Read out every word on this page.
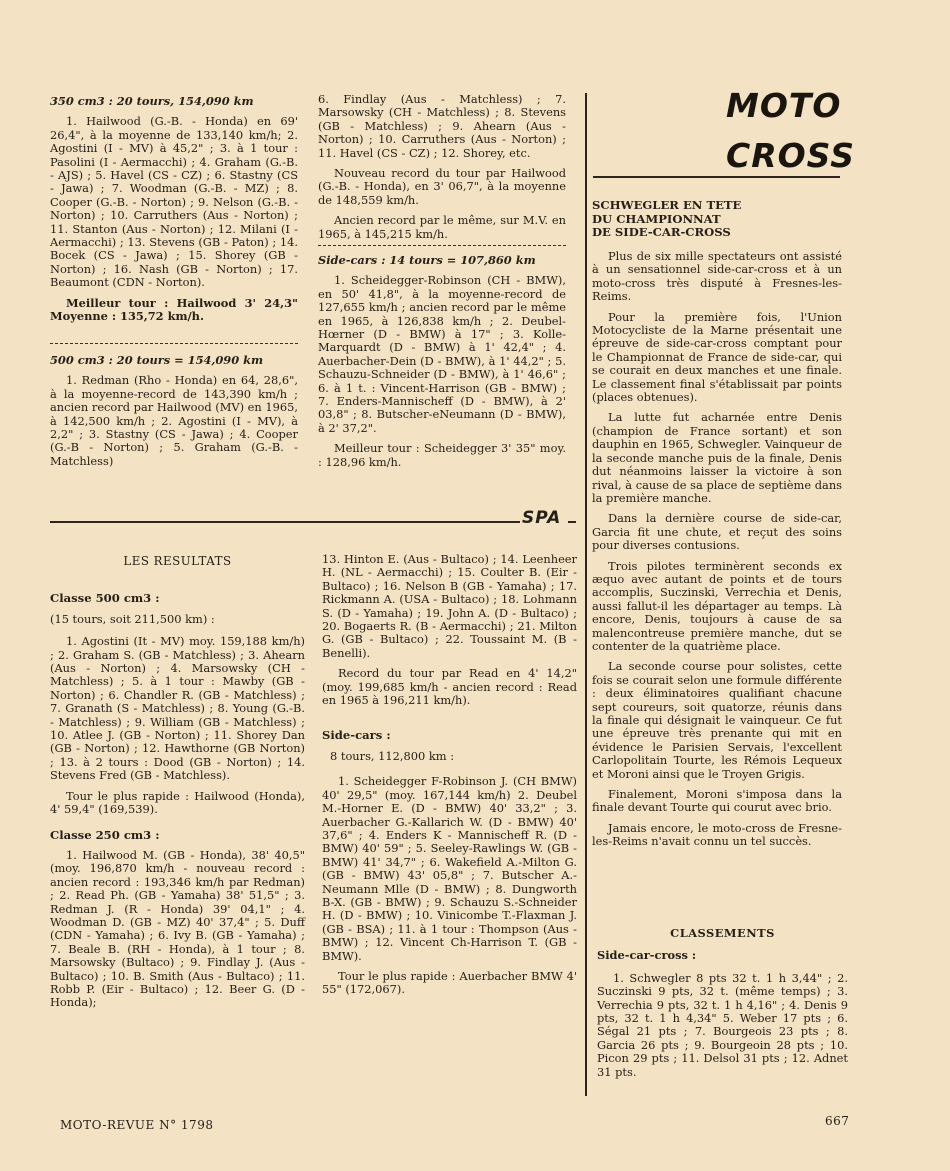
350 cm3 : 20 tours, 154,090 km

1. Hailwood (G.-B. - Honda) en 69' 26,4", à la moyenne de 133,140 km/h; 2. Agostini (I - MV) à 45,2" ; 3. à 1 tour : Pasolini (I - Aermacchi) ; 4. Graham (G.-B. - AJS) ; 5. Havel (CS - CZ) ; 6. Stastny (CS - Jawa) ; 7. Woodman (G.-B. - MZ) ; 8. Cooper (G.-B. - Norton) ; 9. Nelson (G.-B. - Norton) ; 10. Carruthers (Aus - Norton) ; 11. Stanton (Aus - Norton) ; 12. Milani (I - Aermacchi) ; 13. Stevens (GB - Paton) ; 14. Bocek (CS - Jawa) ; 15. Shorey (GB - Norton) ; 16. Nash (GB - Norton) ; 17. Beaumont (CDN - Norton).

Meilleur tour : Hailwood 3' 24,3" Moyenne : 135,72 km/h.

500 cm3 : 20 tours = 154,090 km

1. Redman (Rho - Honda) en 64, 28,6", à la moyenne-record de 143,390 km/h ; ancien record par Hailwood (MV) en 1965, à 142,500 km/h ; 2. Agostini (I - MV), à 2,2" ; 3. Stastny (CS - Jawa) ; 4. Cooper (G.-B - Norton) ; 5. Graham (G.-B. - Matchless)

6. Findlay (Aus - Matchless) ; 7. Marsowsky (CH - Matchless) ; 8. Stevens (GB - Matchless) ; 9. Ahearn (Aus - Norton) ; 10. Carruthers (Aus - Norton) ; 11. Havel (CS - CZ) ; 12. Shorey, etc.

Nouveau record du tour par Hailwood (G.-B. - Honda), en 3' 06,7", à la moyenne de 148,559 km/h.

Ancien record par le même, sur M.V. en 1965, à 145,215 km/h.

Side-cars : 14 tours = 107,860 km

1. Scheidegger-Robinson (CH - BMW), en 50' 41,8", à la moyenne-record de 127,655 km/h ; ancien record par le même en 1965, à 126,838 km/h ; 2. Deubel-Hœrner (D - BMW) à 17" ; 3. Kolle-Marquardt (D - BMW) à 1' 42,4" ; 4. Auerbacher-Dein (D - BMW), à 1' 44,2" ; 5. Schauzu-Schneider (D - BMW), à 1' 46,6" ; 6. à 1 t. : Vincent-Harrison (GB - BMW) ; 7. Enders-Mannischeff (D - BMW), à 2' 03,8" ; 8. Butscher-eNeumann (D - BMW), à 2' 37,2".

Meilleur tour : Scheidegger 3' 35" moy. : 128,96 km/h.

SPA
MOTO
CROSS
SCHWEGLER EN TETE
DU CHAMPIONNAT
DE SIDE-CAR-CROSS

Plus de six mille spectateurs ont assisté à un sensationnel side-car-cross et à un moto-cross très disputé à Fresnes-les-Reims.

Pour la première fois, l'Union Motocycliste de la Marne présentait une épreuve de side-car-cross comptant pour le Championnat de France de side-car, qui se courait en deux manches et une finale. Le classement final s'établissait par points (places obtenues).

La lutte fut acharnée entre Denis (champion de France sortant) et son dauphin en 1965, Schwegler. Vainqueur de la seconde manche puis de la finale, Denis dut néanmoins laisser la victoire à son rival, à cause de sa place de septième dans la première manche.

Dans la dernière course de side-car, Garcia fit une chute, et reçut des soins pour diverses contusions.

Trois pilotes terminèrent seconds ex æquo avec autant de points et de tours accomplis, Suczinski, Verrechia et Denis, aussi fallut-il les départager au temps. Là encore, Denis, toujours à cause de sa malencontreuse première manche, dut se contenter de la quatrième place.

La seconde course pour solistes, cette fois se courait selon une formule différente : deux éliminatoires qualifiant chacune sept coureurs, soit quatorze, réunis dans la finale qui désignait le vainqueur. Ce fut une épreuve très prenante qui mit en évidence le Parisien Servais, l'excellent Carlopolitain Tourte, les Rémois Lequeux et Moroni ainsi que le Troyen Grigis.

Finalement, Moroni s'imposa dans la finale devant Tourte qui courut avec brio.

Jamais encore, le moto-cross de Fresne-les-Reims n'avait connu un tel succès.

CLASSEMENTS
Side-car-cross :

1. Schwegler 8 pts 32 t. 1 h 3,44" ; 2. Suczinski 9 pts, 32 t. (même temps) ; 3. Verrechia 9 pts, 32 t. 1 h 4,16" ; 4. Denis 9 pts, 32 t. 1 h 4,34" 5. Weber 17 pts ; 6. Ségal 21 pts ; 7. Bourgeois 23 pts ; 8. Garcia 26 pts ; 9. Bourgeoin 28 pts ; 10. Picon 29 pts ; 11. Delsol 31 pts ; 12. Adnet 31 pts.

LES RESULTATS

Classe 500 cm3 :

(15 tours, soit 211,500 km) :

1. Agostini (It - MV) moy. 159,188 km/h) ; 2. Graham S. (GB - Matchless) ; 3. Ahearn (Aus - Norton) ; 4. Marsowsky (CH - Matchless) ; 5. à 1 tour : Mawby (GB - Norton) ; 6. Chandler R. (GB - Matchless) ; 7. Granath (S - Matchless) ; 8. Young (G.-B. - Matchless) ; 9. William (GB - Matchless) ; 10. Atlee J. (GB - Norton) ; 11. Shorey Dan (GB - Norton) ; 12. Hawthorne (GB Norton) ; 13. à 2 tours : Dood (GB - Norton) ; 14. Stevens Fred (GB - Matchless).

Tour le plus rapide : Hailwood (Honda), 4' 59,4" (169,539).

Classe 250 cm3 :

1. Hailwood M. (GB - Honda), 38' 40,5" (moy. 196,870 km/h - nouveau record : ancien record : 193,346 km/h par Redman) ; 2. Read Ph. (GB - Yamaha) 38' 51,5" ; 3. Redman J. (R - Honda) 39' 04,1" ; 4. Woodman D. (GB - MZ) 40' 37,4" ; 5. Duff (CDN - Yamaha) ; 6. Ivy B. (GB - Yamaha) ; 7. Beale B. (RH - Honda), à 1 tour ; 8. Marsowsky (Bultaco) ; 9. Findlay J. (Aus - Bultaco) ; 10. B. Smith (Aus - Bultaco) ; 11. Robb P. (Eir - Bultaco) ; 12. Beer G. (D - Honda);

13. Hinton E. (Aus - Bultaco) ; 14. Leenheer H. (NL - Aermacchi) ; 15. Coulter B. (Eir - Bultaco) ; 16. Nelson B (GB - Yamaha) ; 17. Rickmann A. (USA - Bultaco) ; 18. Lohmann S. (D - Yamaha) ; 19. John A. (D - Bultaco) ; 20. Bogaerts R. (B - Aermacchi) ; 21. Milton G. (GB - Bultaco) ; 22. Toussaint M. (B - Benelli).

Record du tour par Read en 4' 14,2" (moy. 199,685 km/h - ancien record : Read en 1965 à 196,211 km/h).

Side-cars :

8 tours, 112,800 km :

1. Scheidegger F-Robinson J. (CH BMW) 40' 29,5" (moy. 167,144 km/h) 2. Deubel M.-Horner E. (D - BMW) 40' 33,2" ; 3. Auerbacher G.-Kallarich W. (D - BMW) 40' 37,6" ; 4. Enders K - Mannischeff R. (D - BMW) 40' 59" ; 5. Seeley-Rawlings W. (GB - BMW) 41' 34,7" ; 6. Wakefield A.-Milton G. (GB - BMW) 43' 05,8" ; 7. Butscher A.-Neumann Mlle (D - BMW) ; 8. Dungworth B-X. (GB - BMW) ; 9. Schauzu S.-Schneider H. (D - BMW) ; 10. Vinicombe T.-Flaxman J. (GB - BSA) ; 11. à 1 tour : Thompson (Aus - BMW) ; 12. Vincent Ch-Harrison T. (GB - BMW).

Tour le plus rapide : Auerbacher BMW 4' 55" (172,067).

MOTO-REVUE N° 1798	667
